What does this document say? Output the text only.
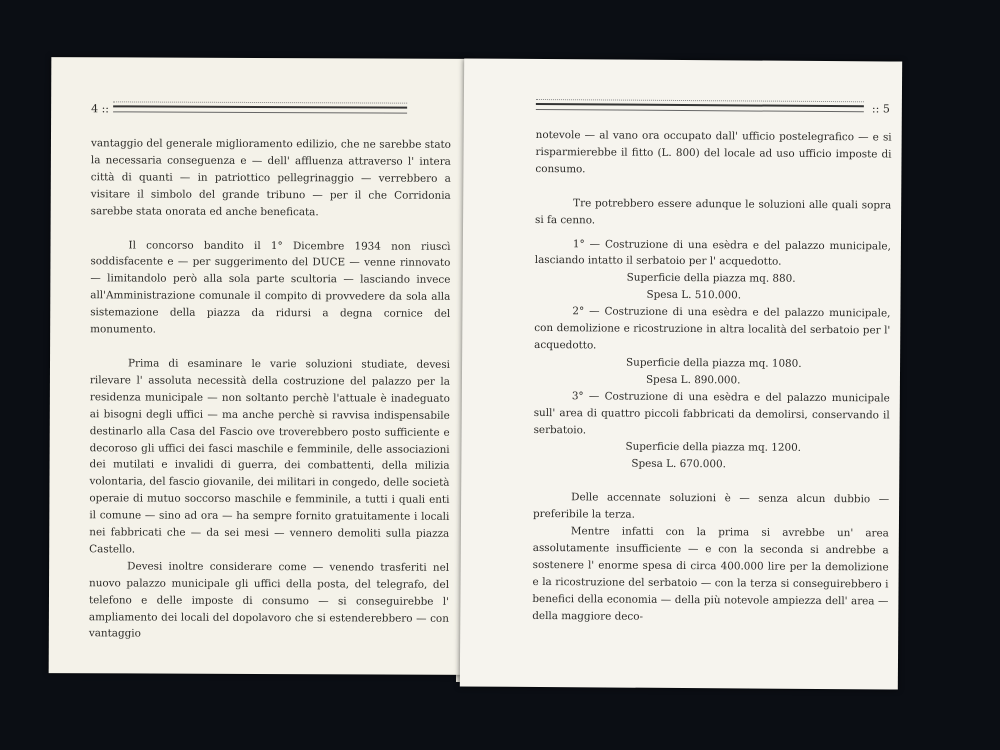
4 ::

vantaggio del generale miglioramento edilizio, che ne sarebbe stato la necessaria conseguenza e — dell' affluenza attraverso l' intera città di quanti — in patriottico pellegrinaggio — verrebbero a visitare il simbolo del grande tribuno — per il che Corridonia sarebbe stata onorata ed anche beneficata.

Il concorso bandito il 1° Dicembre 1934 non riuscì soddisfacente e — per suggerimento del DUCE — venne rinnovato — limitandolo però alla sola parte scultoria — lasciando invece all'Amministrazione comunale il compito di provvedere da sola alla sistemazione della piazza da ridursi a degna cornice del monumento.

Prima di esaminare le varie soluzioni studiate, devesi rilevare l' assoluta necessità della costruzione del palazzo per la residenza municipale — non soltanto perchè l'attuale è inadeguato ai bisogni degli uffici — ma anche perchè si ravvisa indispensabile destinarlo alla Casa del Fascio ove troverebbero posto sufficiente e decoroso gli uffici dei fasci maschile e femminile, delle associazioni dei mutilati e invalidi di guerra, dei combattenti, della milizia volontaria, del fascio giovanile, dei militari in congedo, delle società operaie di mutuo soccorso maschile e femminile, a tutti i quali enti il comune — sino ad ora — ha sempre fornito gratuitamente i locali nei fabbricati che — da sei mesi — vennero demoliti sulla piazza Castello.

Devesi inoltre considerare come — venendo trasferiti nel nuovo palazzo municipale gli uffici della posta, del telegrafo, del telefono e delle imposte di consumo — si conseguirebbe l' ampliamento dei locali del dopolavoro che si estenderebbero — con vantaggio

:: 5

notevole — al vano ora occupato dall' ufficio postelegrafico — e si risparmierebbe il fitto (L. 800) del locale ad uso ufficio imposte di consumo.

Tre potrebbero essere adunque le soluzioni alle quali sopra si fa cenno.

1° — Costruzione di una esèdra e del palazzo municipale, lasciando intatto il serbatoio per l' acquedotto.

Superficie della piazza mq. 880.

Spesa L. 510.000.

2° — Costruzione di una esèdra e del palazzo municipale, con demolizione e ricostruzione in altra località del serbatoio per l' acquedotto.

Superficie della piazza mq. 1080.

Spesa L. 890.000.

3° — Costruzione di una esèdra e del palazzo municipale sull' area di quattro piccoli fabbricati da demolirsi, conservando il serbatoio.

Superficie della piazza mq. 1200.

Spesa L. 670.000.

Delle accennate soluzioni è — senza alcun dubbio — preferibile la terza.

Mentre infatti con la prima si avrebbe un' area assolutamente insufficiente — e con la seconda si andrebbe a sostenere l' enorme spesa di circa 400.000 lire per la demolizione e la ricostruzione del serbatoio — con la terza si conseguirebbero i benefici della economia — della più notevole ampiezza dell' area — della maggiore deco-
